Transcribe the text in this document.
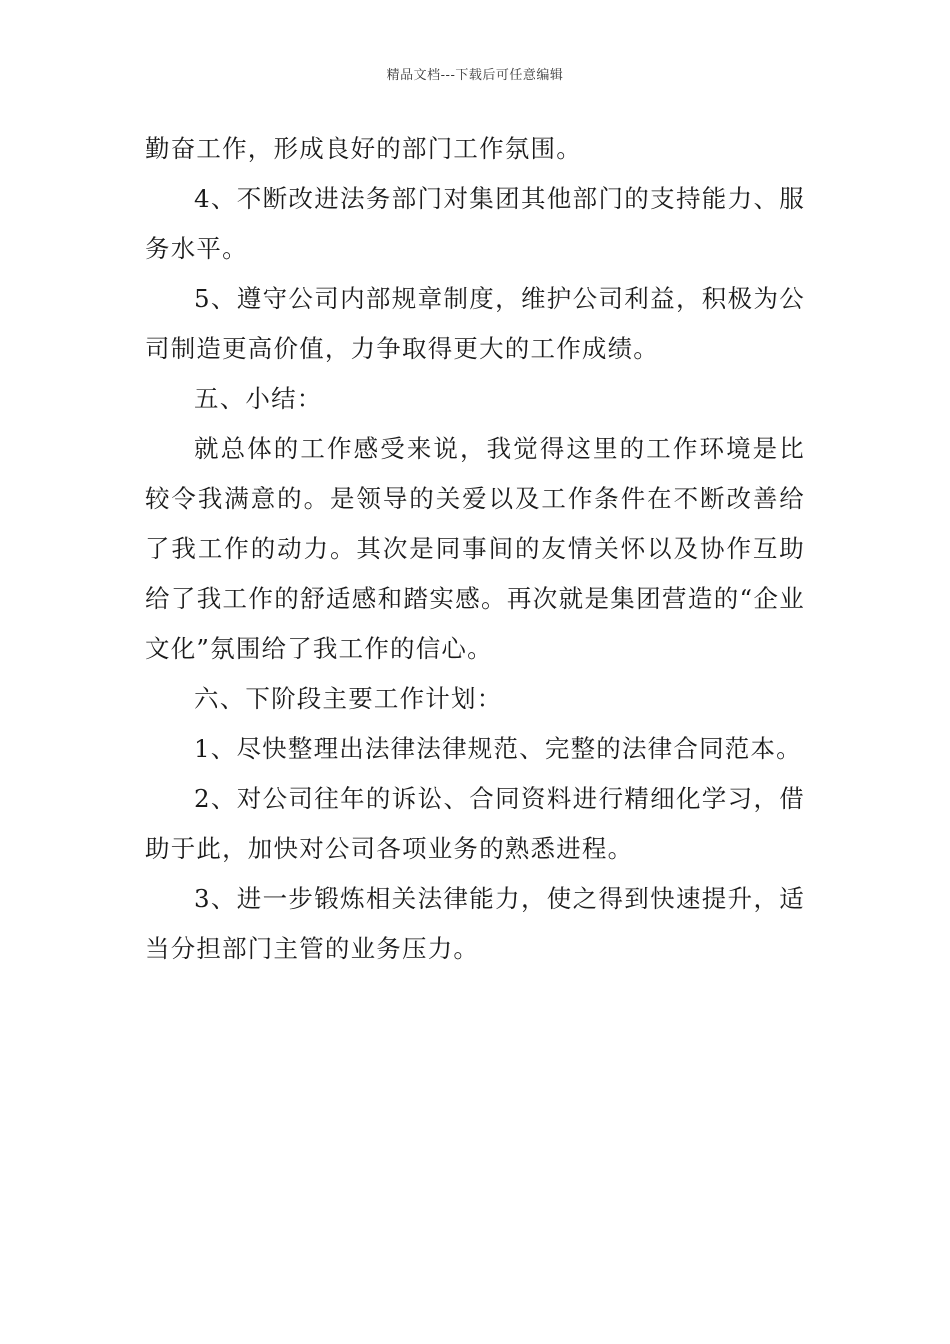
精品文档---下载后可任意编辑

勤奋工作，形成良好的部门工作氛围。

4、不断改进法务部门对集团其他部门的支持能力、服务水平。

5、遵守公司内部规章制度，维护公司利益，积极为公司制造更高价值，力争取得更大的工作成绩。

五、小结：

就总体的工作感受来说，我觉得这里的工作环境是比较令我满意的。是领导的关爱以及工作条件在不断改善给了我工作的动力。其次是同事间的友情关怀以及协作互助给了我工作的舒适感和踏实感。再次就是集团营造的“企业文化”氛围给了我工作的信心。

六、下阶段主要工作计划：

1、尽快整理出法律法律规范、完整的法律合同范本。

2、对公司往年的诉讼、合同资料进行精细化学习，借助于此，加快对公司各项业务的熟悉进程。

3、进一步锻炼相关法律能力，使之得到快速提升，适当分担部门主管的业务压力。
